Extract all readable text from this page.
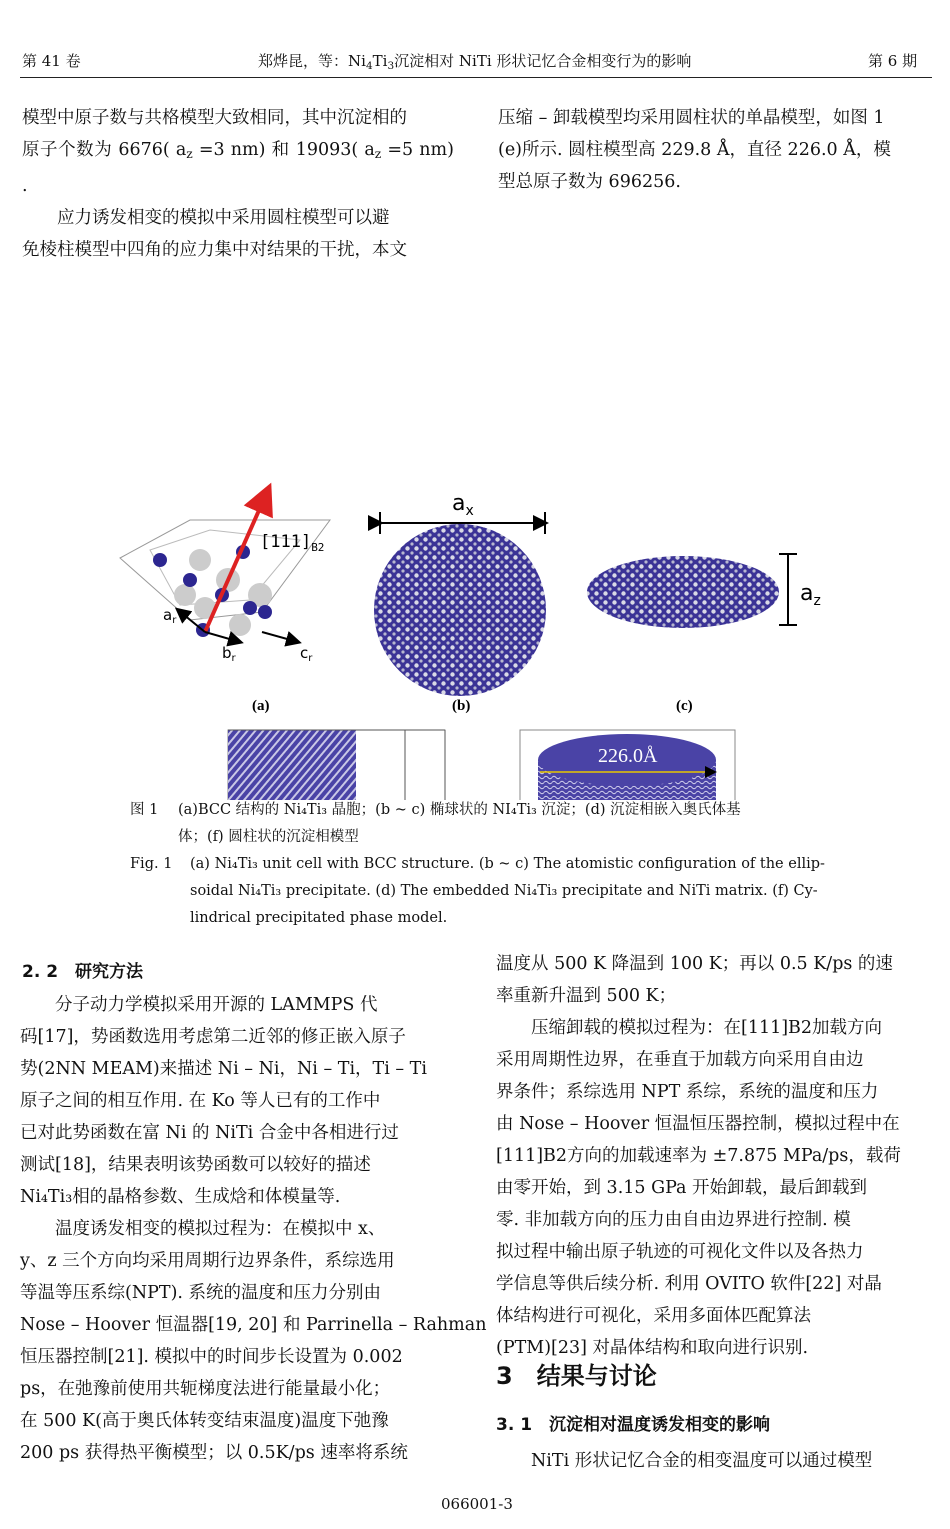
第 41 卷	郑烨昆，等：$Ni_4Ti_3$沉淀相对 NiTi 形状记忆合金相变行为的影响	第 6 期
模型中原子数与共格模型大致相同，其中沉淀相的
原子个数为 6676( $a_z =3$ nm) 和 19093( $a_z =5$ nm) .
应力诱发相变的模拟中采用圆柱模型可以避
免棱柱模型中四角的应力集中对结果的干扰，本文
压缩 – 卸载模型均采用圆柱状的单晶模型，如图 1
(e)所示. 圆柱模型高 229.8 Å，直径 226.0 Å，模
型总原子数为 696256.
$[111]_{B2}$
$a_r$
$b_r$	$c_r$
(a)
$a_x$
(b)
$a_z$
(c)
226.0Å
图 1 (a)BCC 结构的 Ni₄Ti₃ 晶胞；(b ~ c) 椭球状的 NI₄Ti₃ 沉淀；(d) 沉淀相嵌入奥氏体基
体；(f) 圆柱状的沉淀相模型
Fig. 1 (a) Ni₄Ti₃ unit cell with BCC structure. (b ~ c) The atomistic configuration of the ellip-
soidal Ni₄Ti₃ precipitate. (d) The embedded Ni₄Ti₃ precipitate and NiTi matrix. (f) Cy-
lindrical precipitated phase model.
2. 2　研究方法
　　分子动力学模拟采用开源的 LAMMPS 代
码[17]，势函数选用考虑第二近邻的修正嵌入原子
势(2NN MEAM)来描述 Ni – Ni，Ni – Ti，Ti – Ti
原子之间的相互作用. 在 Ko 等人已有的工作中
已对此势函数在富 Ni 的 NiTi 合金中各相进行过
测试[18]，结果表明该势函数可以较好的描述
Ni₄Ti₃相的晶格参数、生成焓和体模量等.
　　温度诱发相变的模拟过程为：在模拟中 x、
y、z 三个方向均采用周期行边界条件，系综选用
等温等压系综(NPT). 系统的温度和压力分别由
Nose – Hoover 恒温器[19, 20] 和 Parrinella – Rahman
恒压器控制[21]. 模拟中的时间步长设置为 0.002
ps，在弛豫前使用共轭梯度法进行能量最小化；
在 500 K(高于奥氏体转变结束温度)温度下弛豫
200 ps 获得热平衡模型；以 0.5K/ps 速率将系统
温度从 500 K 降温到 100 K；再以 0.5 K/ps 的速
率重新升温到 500 K；
　　压缩卸载的模拟过程为：在[111]B2加载方向
采用周期性边界，在垂直于加载方向采用自由边
界条件；系综选用 NPT 系综，系统的温度和压力
由 Nose – Hoover 恒温恒压器控制，模拟过程中在
[111]B2方向的加载速率为 ±7.875 MPa/ps，载荷
由零开始，到 3.15 GPa 开始卸载，最后卸载到
零. 非加载方向的压力由自由边界进行控制. 模
拟过程中输出原子轨迹的可视化文件以及各热力
学信息等供后续分析. 利用 OVITO 软件[22] 对晶
体结构进行可视化，采用多面体匹配算法
(PTM)[23] 对晶体结构和取向进行识别.
3　结果与讨论
3. 1　沉淀相对温度诱发相变的影响
　　NiTi 形状记忆合金的相变温度可以通过模型
066001-3
